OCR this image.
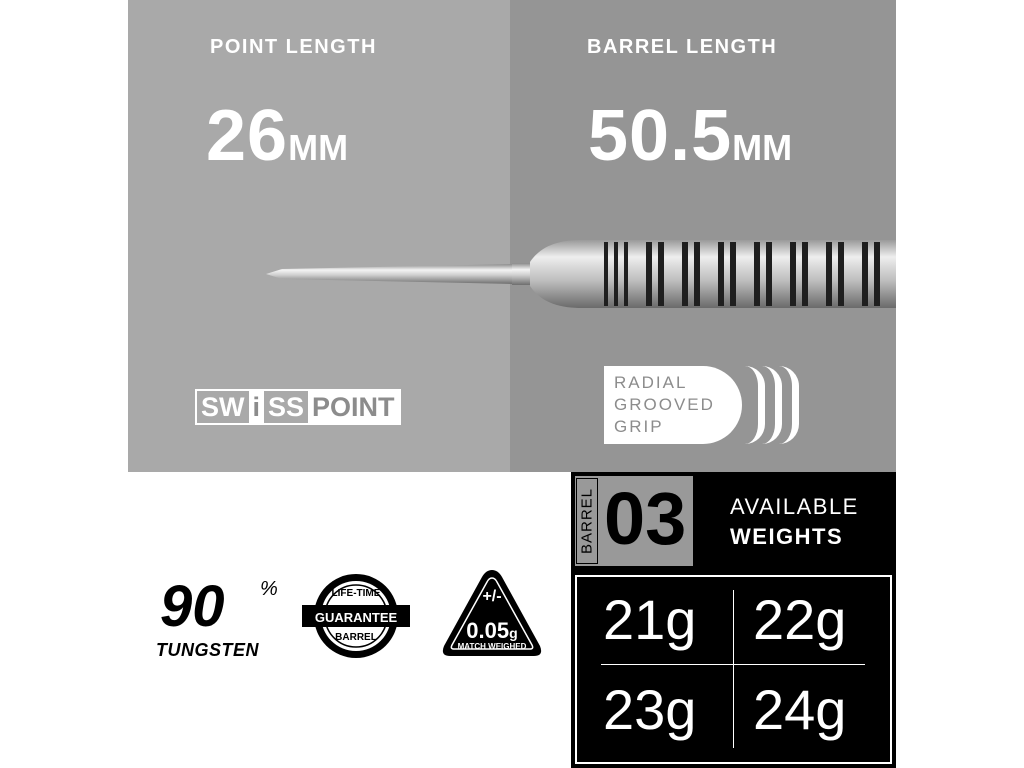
POINT LENGTH
26MM
BARREL LENGTH
50.5MM
SW i SS POINT
RADIAL
GROOVED
GRIP
90 %
TUNGSTEN
LIFE-TIME
GUARANTEE
BARREL
+/-
0.05g
MATCH WEIGHED
BARREL 03 AVAILABLE
WEIGHTS
21g 22g
23g 24g
